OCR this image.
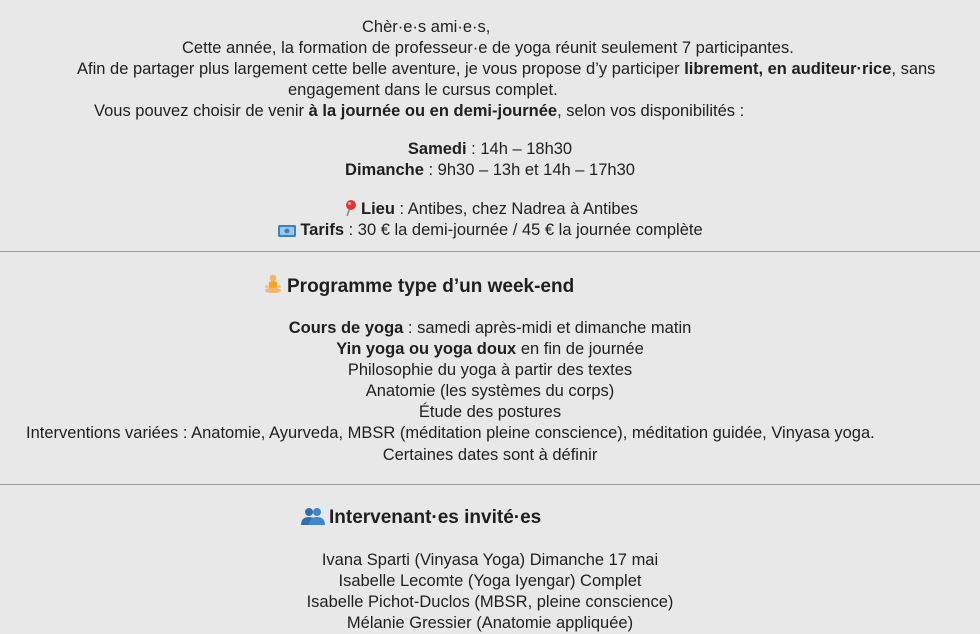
Chèr·e·s ami·e·s,
Cette année, la formation de professeur·e de yoga réunit seulement 7 participantes.
Afin de partager plus largement cette belle aventure, je vous propose d’y participer librement, en auditeur·rice, sans
engagement dans le cursus complet.
Vous pouvez choisir de venir à la journée ou en demi-journée, selon vos disponibilités :
Samedi : 14h – 18h30
Dimanche : 9h30 – 13h et 14h – 17h30
Lieu : Antibes, chez Nadrea à Antibes
Tarifs : 30 € la demi-journée / 45 € la journée complète
Programme type d’un week-end
Cours de yoga : samedi après-midi et dimanche matin
Yin yoga ou yoga doux en fin de journée
Philosophie du yoga à partir des textes
Anatomie (les systèmes du corps)
Étude des postures
Interventions variées : Anatomie, Ayurveda, MBSR (méditation pleine conscience), méditation guidée, Vinyasa yoga.
Certaines dates sont à définir
Intervenant·es invité·es
Ivana Sparti (Vinyasa Yoga) Dimanche 17 mai
Isabelle Lecomte (Yoga Iyengar) Complet
Isabelle Pichot-Duclos (MBSR, pleine conscience)
Mélanie Gressier (Anatomie appliquée)
